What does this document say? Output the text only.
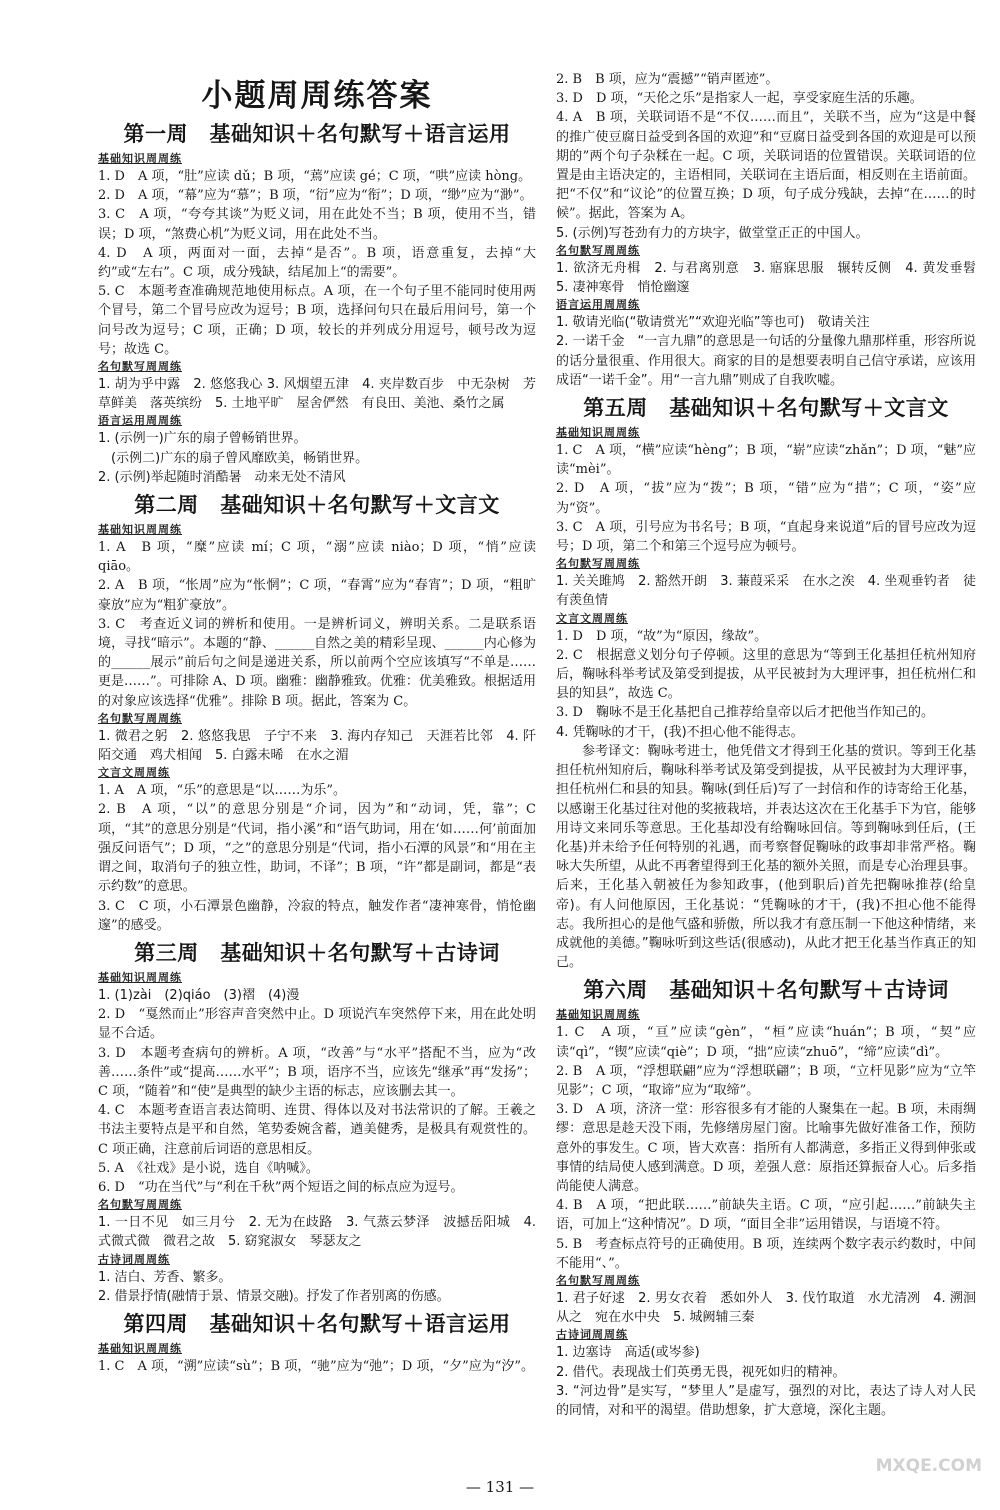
小题周周练答案
第一周　基础知识＋名句默写＋语言运用
基础知识周周练
1. D　A 项，“肚”应读 dǔ；B 项，“蔫”应读 gé；C 项，“哄”应读 hòng。
2. D　A 项，“幕”应为“慕”；B 项，“衍”应为“衔”；D 项，“缈”应为“渺”。
3. C　A 项，“夸夸其谈”为贬义词，用在此处不当；B 项，使用不当，错误；D 项，“煞费心机”为贬义词，用在此处不当。
4. D　A 项，两面对一面，去掉“是否”。B 项，语意重复，去掉“大约”或“左右”。C 项，成分残缺，结尾加上“的需要”。
5. C　本题考查准确规范地使用标点。A 项，在一个句子里不能同时使用两个冒号，第二个冒号应改为逗号；B 项，选择问句只在最后用问号，第一个问号改为逗号；C 项，正确；D 项，较长的并列成分用逗号，顿号改为逗号；故选 C。
名句默写周周练
1. 胡为乎中露　2. 悠悠我心 3. 风烟望五津　4. 夹岸数百步　中无杂树　芳草鲜美　落英缤纷　5. 土地平旷　屋舍俨然　有良田、美池、桑竹之属
语言运用周周练
1. (示例一)广东的扇子曾畅销世界。
　(示例二)广东的扇子曾风靡欧美，畅销世界。
2. (示例)举起随时消酷暑　动来无处不清风
第二周　基础知识＋名句默写＋文言文
基础知识周周练
1. A　B 项，“糜”应读 mí；C 项，“溺”应读 niào；D 项，“悄”应读 qiāo。
2. A　B 项，“怅周”应为“怅惘”；C 项，“春霄”应为“春宵”；D 项，“粗旷豪放”应为“粗犷豪放”。
3. C　考查近义词的辨析和使用。一是辨析词义，辨明关系。二是联系语境，寻找“暗示”。本题的“静、______自然之美的精彩呈现、______内心修为的______展示”前后句之间是递进关系，所以前两个空应该填写“不单是……更是……”。可排除 A、D 项。幽雅：幽静雅致。优雅：优美雅致。根据适用的对象应该选择“优雅”。排除 B 项。据此，答案为 C。
名句默写周周练
1. 微君之躬　2. 悠悠我思　子宁不来　3. 海内存知己　天涯若比邻　4. 阡陌交通　鸡犬相闻　5. 白露未晞　在水之湄
文言文周周练
1. A　A 项，“乐”的意思是“以……为乐”。
2. B　A 项，“以”的意思分别是“介词，因为”和“动词，凭，靠”；C 项，“其”的意思分别是“代词，指小溪”和“语气助词，用在‘如……何’前面加强反问语气”；D 项，“之”的意思分别是“代词，指小石潭的风景”和“用在主谓之间，取消句子的独立性，助词，不译”；B 项，“许”都是副词，都是“表示约数”的意思。
3. C　C 项，小石潭景色幽静，冷寂的特点，触发作者“凄神寒骨，悄怆幽邃”的感受。
第三周　基础知识＋名句默写＋古诗词
基础知识周周练
1. (1)zài　(2)qiáo　(3)褶　(4)漫
2. D　“戛然而止”形容声音突然中止。D 项说汽车突然停下来，用在此处明显不合适。
3. D　本题考查病句的辨析。A 项，“改善”与“水平”搭配不当，应为“改善……条件”或“提高……水平”；B 项，语序不当，应该先“继承”再“发扬”；C 项，“随着”和“使”是典型的缺少主语的标志，应该删去其一。
4. C　本题考查语言表达简明、连贯、得体以及对书法常识的了解。王羲之书法主要特点是平和自然，笔势委婉含蓄，遒美健秀，是极具有观赏性的。C 项正确，注意前后词语的意思相反。
5. A　《社戏》是小说，选自《呐喊》。
6. D　“功在当代”与“利在千秋”两个短语之间的标点应为逗号。
名句默写周周练
1. 一日不见　如三月兮　2. 无为在歧路　3. 气蒸云梦泽　波撼岳阳城　4. 式微式微　微君之故　5. 窈窕淑女　琴瑟友之
古诗词周周练
1. 洁白、芳香、繁多。
2. 借景抒情(融情于景、情景交融)。抒发了作者别离的伤感。
第四周　基础知识＋名句默写＋语言运用
基础知识周周练
1. C　A 项，“溯”应读“sù”；B 项，“驰”应为“弛”；D 项，“夕”应为“汐”。
2. B　B 项，应为“震撼”“销声匿迹”。
3. D　D 项，“天伦之乐”是指家人一起，享受家庭生活的乐趣。
4. A　B 项，关联词语不是“不仅……而且”，关联不当，应为“这是中餐的推广使豆腐日益受到各国的欢迎”和“豆腐日益受到各国的欢迎是可以预期的”两个句子杂糅在一起。C 项，关联词语的位置错误。关联词语的位置是由主语决定的，主语相同，关联词在主语后面，相反则在主语前面。把“不仅”和“议论”的位置互换；D 项，句子成分残缺，去掉“在……的时候”。据此，答案为 A。
5. (示例)写苍劲有力的方块字，做堂堂正正的中国人。
名句默写周周练
1. 欲济无舟楫　2. 与君离别意　3. 寤寐思服　辗转反侧　4. 黄发垂髫　5. 凄神寒骨　悄怆幽邃
语言运用周周练
1. 敬请光临(“敬请赏光”“欢迎光临”等也可)　敬请关注
2. 一诺千金　“一言九鼎”的意思是一句话的分量像九鼎那样重，形容所说的话分量很重、作用很大。商家的目的是想要表明自己信守承诺，应该用成语“一诺千金”。用“一言九鼎”则成了自我吹嘘。
第五周　基础知识＋名句默写＋文言文
基础知识周周练
1. C　A 项，“横”应读“hèng”；B 项，“崭”应读“zhǎn”；D 项，“魅”应读“mèi”。
2. D　A 项，“拔”应为“拨”；B 项，“错”应为“措”；C 项，“姿”应为“资”。
3. C　A 项，引号应为书名号；B 项，“直起身来说道”后的冒号应改为逗号；D 项，第二个和第三个逗号应为顿号。
名句默写周周练
1. 关关雎鸠　2. 豁然开朗　3. 蒹葭采采　在水之涘　4. 坐观垂钓者　徒有羡鱼情
文言文周周练
1. D　D 项，“故”为“原因，缘故”。
2. C　根据意义划分句子停顿。这里的意思为“等到王化基担任杭州知府后，鞠咏科举考试及第受到提拔，从平民被封为大理评事，担任杭州仁和县的知县”，故选 C。
3. D　鞠咏不是王化基把自己推荐给皇帝以后才把他当作知己的。
4. 凭鞠咏的才干，(我)不担心他不能得志。
参考译文：鞠咏考进士，他凭借文才得到王化基的赏识。等到王化基担任杭州知府后，鞠咏科举考试及第受到提拔，从平民被封为大理评事，担任杭州仁和县的知县。鞠咏(到任后)写了一封信和作的诗寄给王化基，以感谢王化基过往对他的奖掖栽培，并表达这次在王化基手下为官，能够用诗文来同乐等意思。王化基却没有给鞠咏回信。等到鞠咏到任后，(王化基)并未给予任何特别的礼遇，而考察督促鞠咏的政事却非常严格。鞠咏大失所望，从此不再奢望得到王化基的额外关照，而是专心治理县事。后来，王化基入朝被任为参知政事，(他到职后)首先把鞠咏推荐(给皇帝)。有人问他原因，王化基说：“凭鞠咏的才干，(我)不担心他不能得志。我所担心的是他气盛和骄傲，所以我才有意压制一下他这种情绪，来成就他的美德。”鞠咏听到这些话(很感动)，从此才把王化基当作真正的知己。
第六周　基础知识＋名句默写＋古诗词
基础知识周周练
1. C　A 项，“亘”应读“gèn”，“桓”应读“huán”；B 项，“契”应读“qì”，“锲”应读“qiè”；D 项，“拙”应读“zhuō”，“缔”应读“dì”。
2. B　A 项，“浮想联翩”应为“浮想联翩”；B 项，“立杆见影”应为“立竿见影”；C 项，“取谛”应为“取缔”。
3. D　A 项，济济一堂：形容很多有才能的人聚集在一起。B 项，未雨绸缪：意思是趁天没下雨，先修缮房屋门窗。比喻事先做好准备工作，预防意外的事发生。C 项，皆大欢喜：指所有人都满意，多指正义得到伸张或事情的结局使人感到满意。D 项，差强人意：原指还算振奋人心。后多指尚能使人满意。
4. B　A 项，“把此联……”前缺失主语。C 项，“应引起……”前缺失主语，可加上“这种情况”。D 项，“面目全非”运用错误，与语境不符。
5. B　考查标点符号的正确使用。B 项，连续两个数字表示约数时，中间不能用“、”。
名句默写周周练
1. 君子好逑　2. 男女衣着　悉如外人　3. 伐竹取道　水尤清冽　4. 溯洄从之　宛在水中央　5. 城阙辅三秦
古诗词周周练
1. 边塞诗　高适(或岑参)
2. 借代。表现战士们英勇无畏，视死如归的精神。
3. “河边骨”是实写，“梦里人”是虚写，强烈的对比，表达了诗人对人民的同情，对和平的渴望。借助想象，扩大意境，深化主题。
— 131 —
MXQE.COM
